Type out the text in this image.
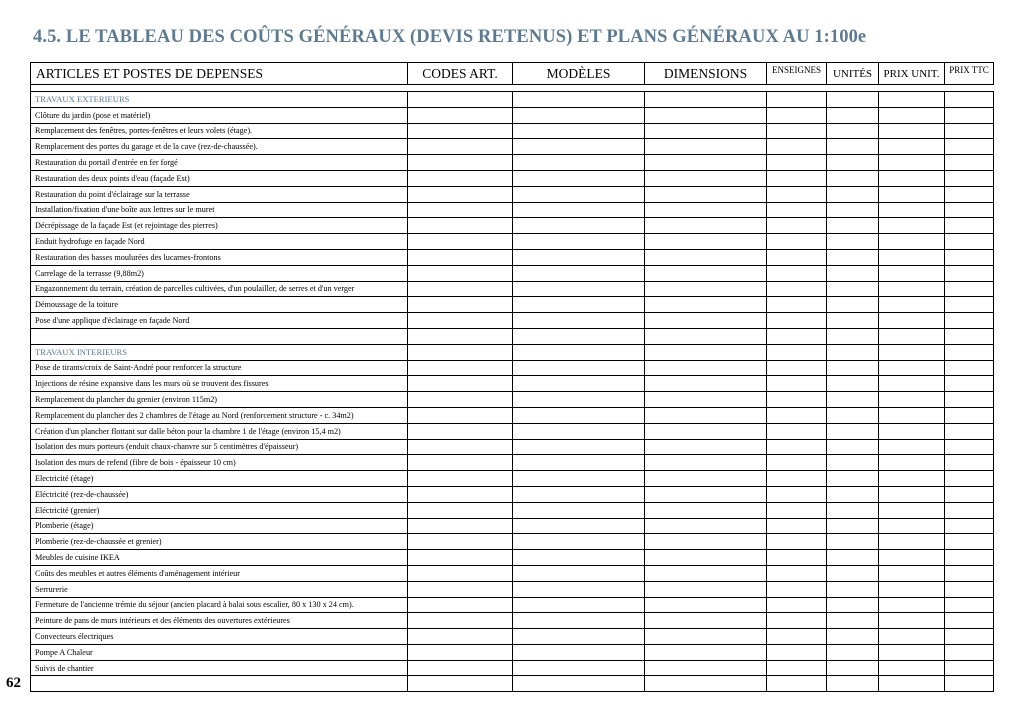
4.5. LE TABLEAU DES COÛTS GÉNÉRAUX (DEVIS RETENUS) ET PLANS GÉNÉRAUX AU 1:100e
ARTICLES ET POSTES DE DEPENSES	CODES ART.	MODÈLES	DIMENSIONS	ENSEIGNES	UNITÉS	PRIX UNIT.	PRIX TTC

TRAVAUX EXTERIEURS							
Clôture du jardin (pose et matériel)							
Remplacement des fenêtres, portes-fenêtres et leurs volets (étage).							
Remplacement des portes du garage et de la cave (rez-de-chaussée).							
Restauration du portail d'entrée en fer forgé							
Restauration des deux points d'eau (façade Est)							
Restauration du point d'éclairage sur la terrasse							
Installation/fixation d'une boîte aux lettres sur le muret							
Décrépissage de la façade Est (et rejointage des pierres)							
Enduit hydrofuge en façade Nord							
Restauration des basses moulurées des lucarnes-frontons							
Carrelage de la terrasse (9,88m2)							
Engazonnement du terrain, création de parcelles cultivées, d'un poulailler, de serres et d'un verger							
Démoussage de la toiture							
Pose d'une applique d'éclairage en façade Nord							

TRAVAUX INTERIEURS							
Pose de tirants/croix de Saint-André pour renforcer la structure							
Injections de résine expansive dans les murs où se trouvent des fissures							
Remplacement du plancher du grenier (environ 115m2)							
Remplacement du plancher des 2 chambres de l'étage au Nord (renforcement structure - c. 34m2)							
Création d'un plancher flottant sur dalle béton pour la chambre 1 de l'étage (environ 15,4 m2)							
Isolation des murs porteurs (enduit chaux-chanvre sur 5 centimètres d'épaisseur)							
Isolation des murs de refend (fibre de bois - épaisseur 10 cm)							
Electricité (étage)							
Eléctricité (rez-de-chaussée)							
Eléctricité (grenier)							
Plomberie (étage)							
Plomberie (rez-de-chaussée et grenier)							
Meubles de cuisine IKEA							
Coûts des meubles et autres éléments d'aménagement intérieur							
Serrurerie							
Fermeture de l'ancienne trémie du séjour (ancien placard à balai sous escalier, 80 x 130 x 24 cm).							
Peinture de pans de murs intérieurs et des éléments des ouvertures extérieures							
Convecteurs électriques							
Pompe A Chaleur							
Suivis de chantier							

62
